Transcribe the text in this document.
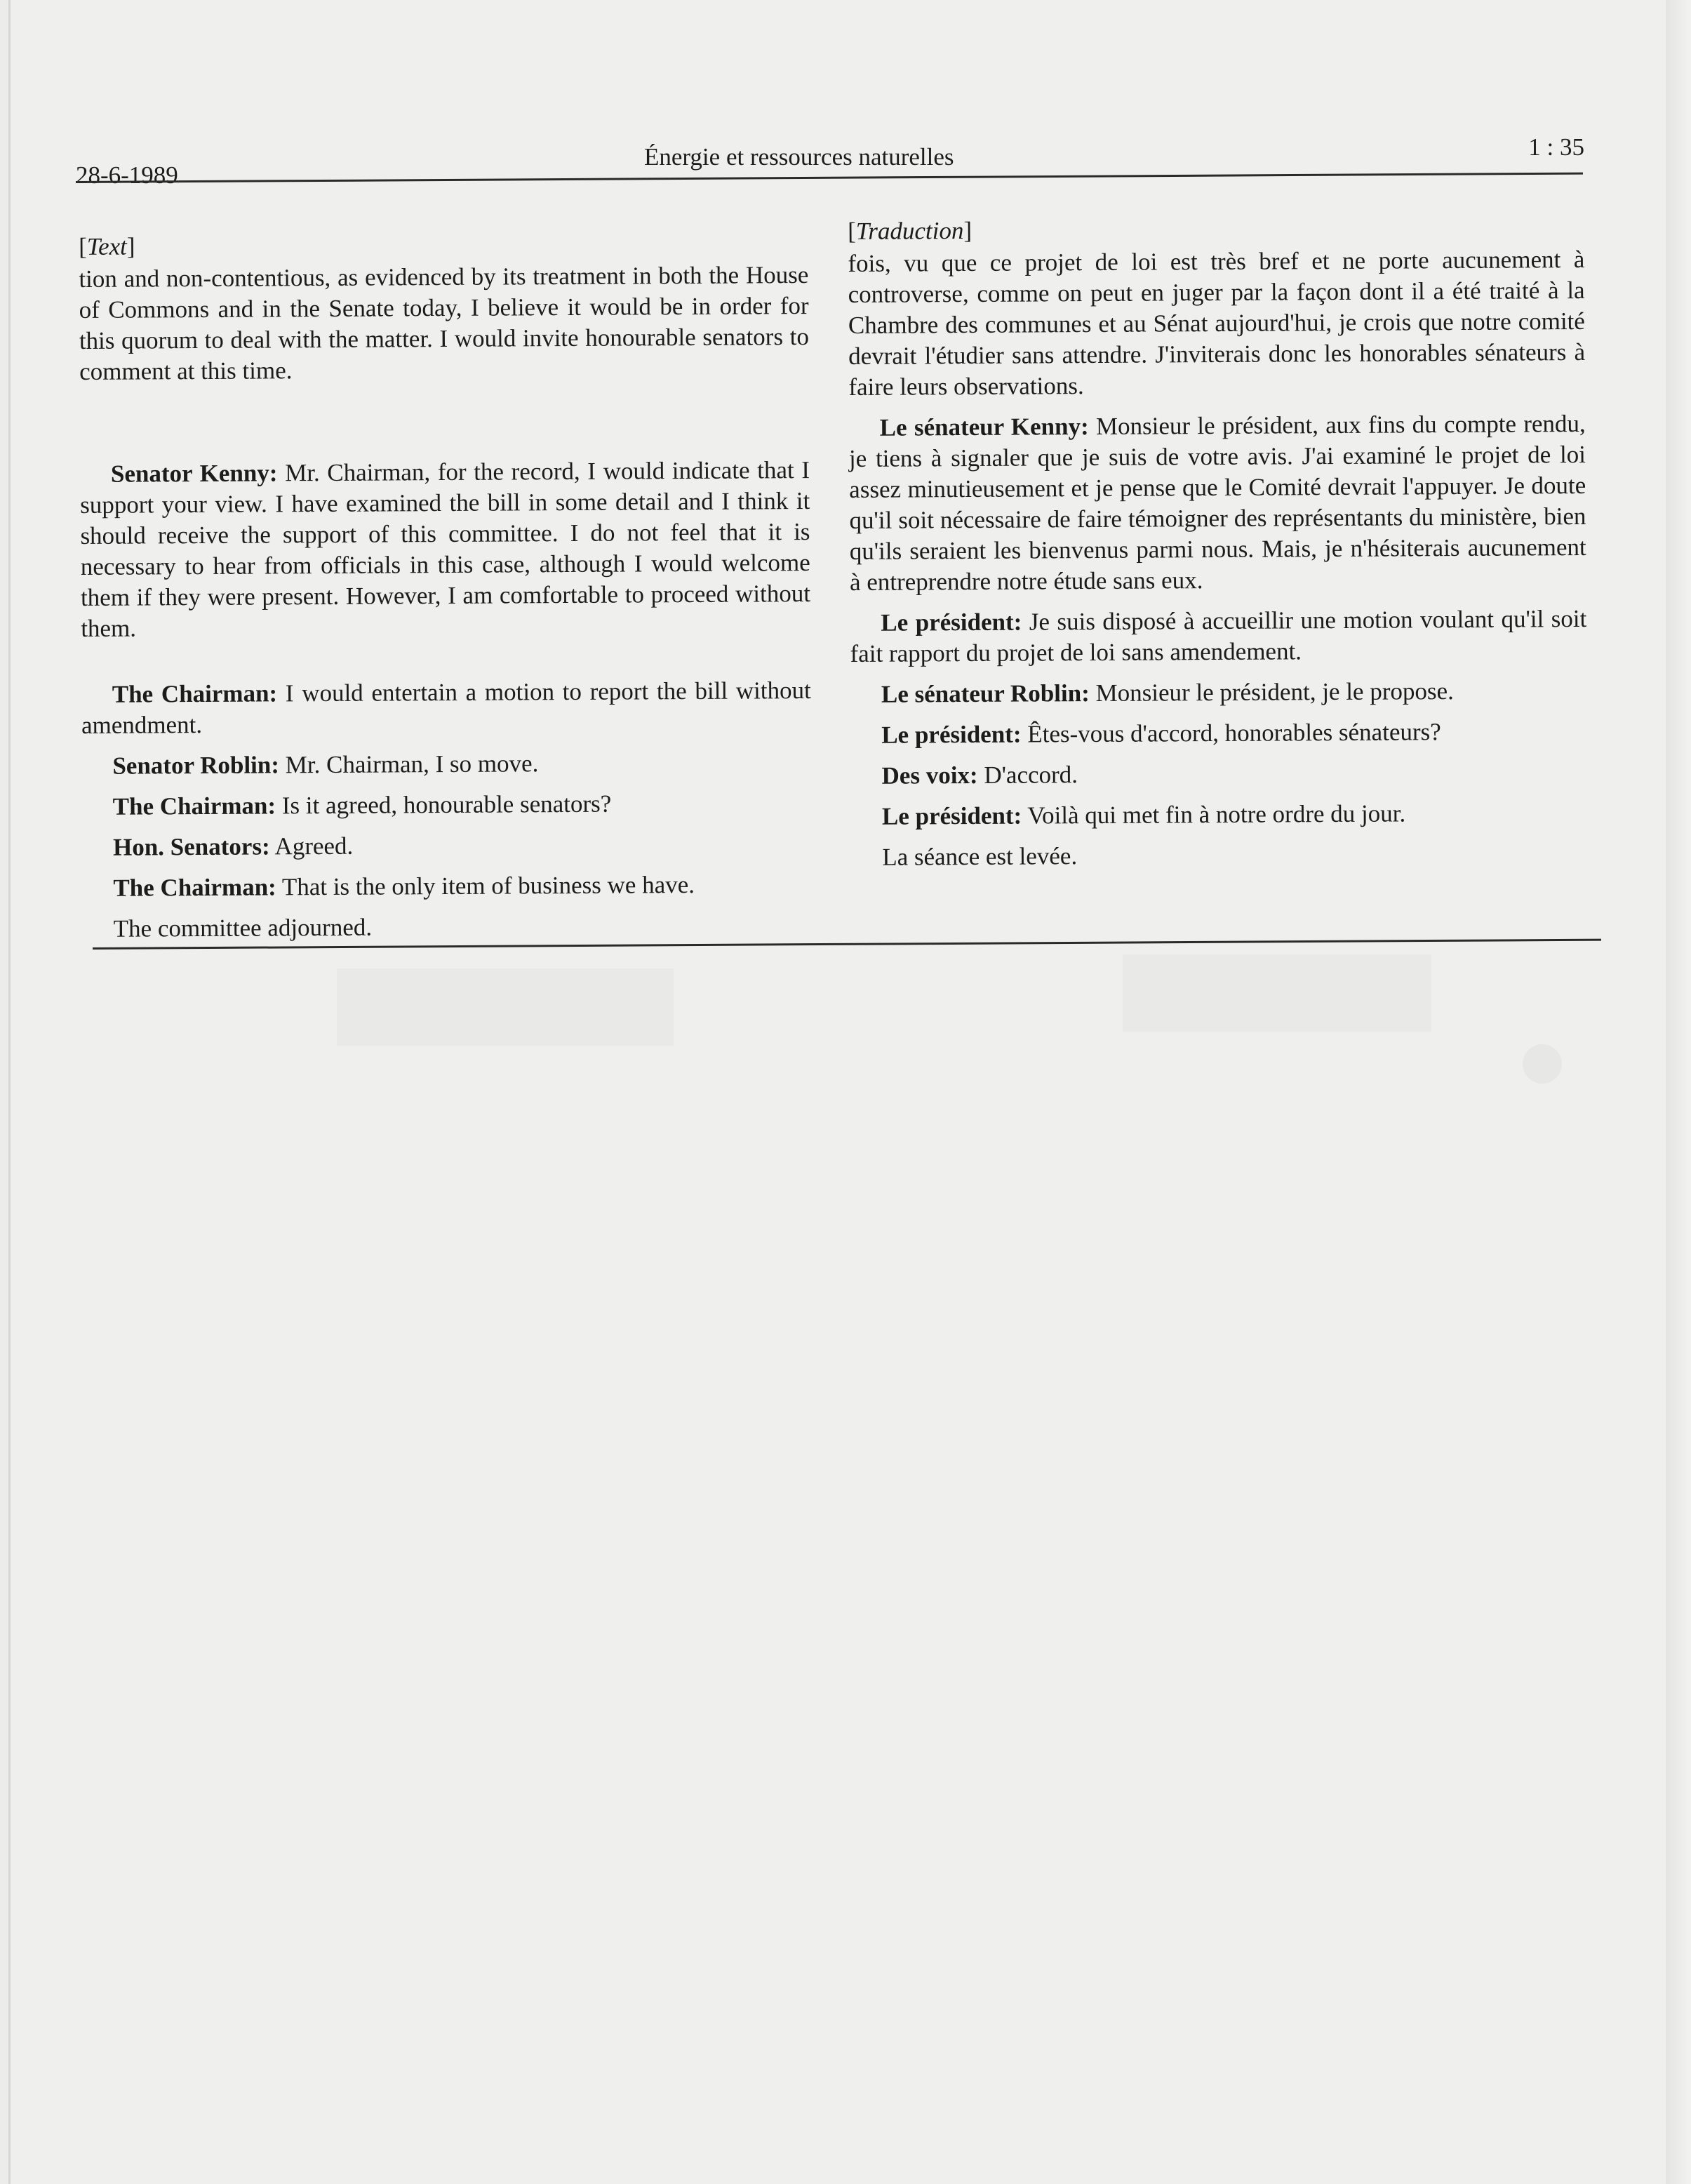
28-6-1989
Énergie et ressources naturelles	1 : 35

[Text]

tion and non-contentious, as evidenced by its treatment in both the House of Commons and in the Senate today, I believe it would be in order for this quorum to deal with the matter. I would invite honourable senators to comment at this time.

Senator Kenny: Mr. Chairman, for the record, I would indicate that I support your view. I have examined the bill in some detail and I think it should receive the support of this committee. I do not feel that it is necessary to hear from officials in this case, although I would welcome them if they were present. However, I am comfortable to proceed without them.

The Chairman: I would entertain a motion to report the bill without amendment.

Senator Roblin: Mr. Chairman, I so move.

The Chairman: Is it agreed, honourable senators?

Hon. Senators: Agreed.

The Chairman: That is the only item of business we have.

The committee adjourned.

[Traduction]

fois, vu que ce projet de loi est très bref et ne porte aucunement à controverse, comme on peut en juger par la façon dont il a été traité à la Chambre des communes et au Sénat aujourd'hui, je crois que notre comité devrait l'étudier sans attendre. J'inviterais donc les honorables sénateurs à faire leurs observations.

Le sénateur Kenny: Monsieur le président, aux fins du compte rendu, je tiens à signaler que je suis de votre avis. J'ai examiné le projet de loi assez minutieusement et je pense que le Comité devrait l'appuyer. Je doute qu'il soit nécessaire de faire témoigner des représentants du ministère, bien qu'ils seraient les bienvenus parmi nous. Mais, je n'hésiterais aucunement à entreprendre notre étude sans eux.

Le président: Je suis disposé à accueillir une motion voulant qu'il soit fait rapport du projet de loi sans amendement.

Le sénateur Roblin: Monsieur le président, je le propose.

Le président: Êtes-vous d'accord, honorables sénateurs?

Des voix: D'accord.

Le président: Voilà qui met fin à notre ordre du jour.

La séance est levée.
